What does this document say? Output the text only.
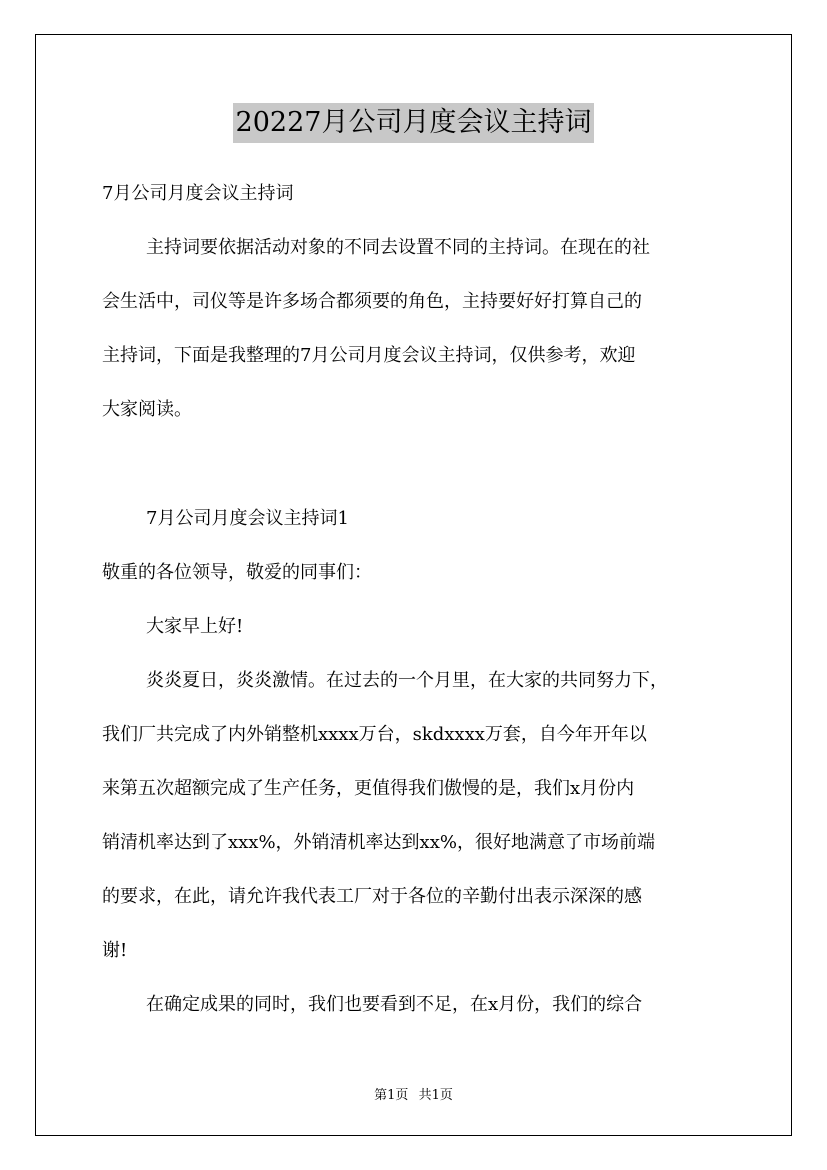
20227月公司月度会议主持词
7月公司月度会议主持词
主持词要依据活动对象的不同去设置不同的主持词。在现在的社
会生活中，司仪等是许多场合都须要的角色，主持要好好打算自己的
主持词，下面是我整理的7月公司月度会议主持词，仅供参考，欢迎
大家阅读。
7月公司月度会议主持词1
敬重的各位领导，敬爱的同事们：
大家早上好!
炎炎夏日，炎炎激情。在过去的一个月里，在大家的共同努力下，
我们厂共完成了内外销整机xxxx万台，skdxxxx万套，自今年开年以
来第五次超额完成了生产任务，更值得我们傲慢的是，我们x月份内
销清机率达到了xxx%，外销清机率达到xx%，很好地满意了市场前端
的要求，在此，请允许我代表工厂对于各位的辛勤付出表示深深的感
谢!
在确定成果的同时，我们也要看到不足，在x月份，我们的综合
第1页 共1页
